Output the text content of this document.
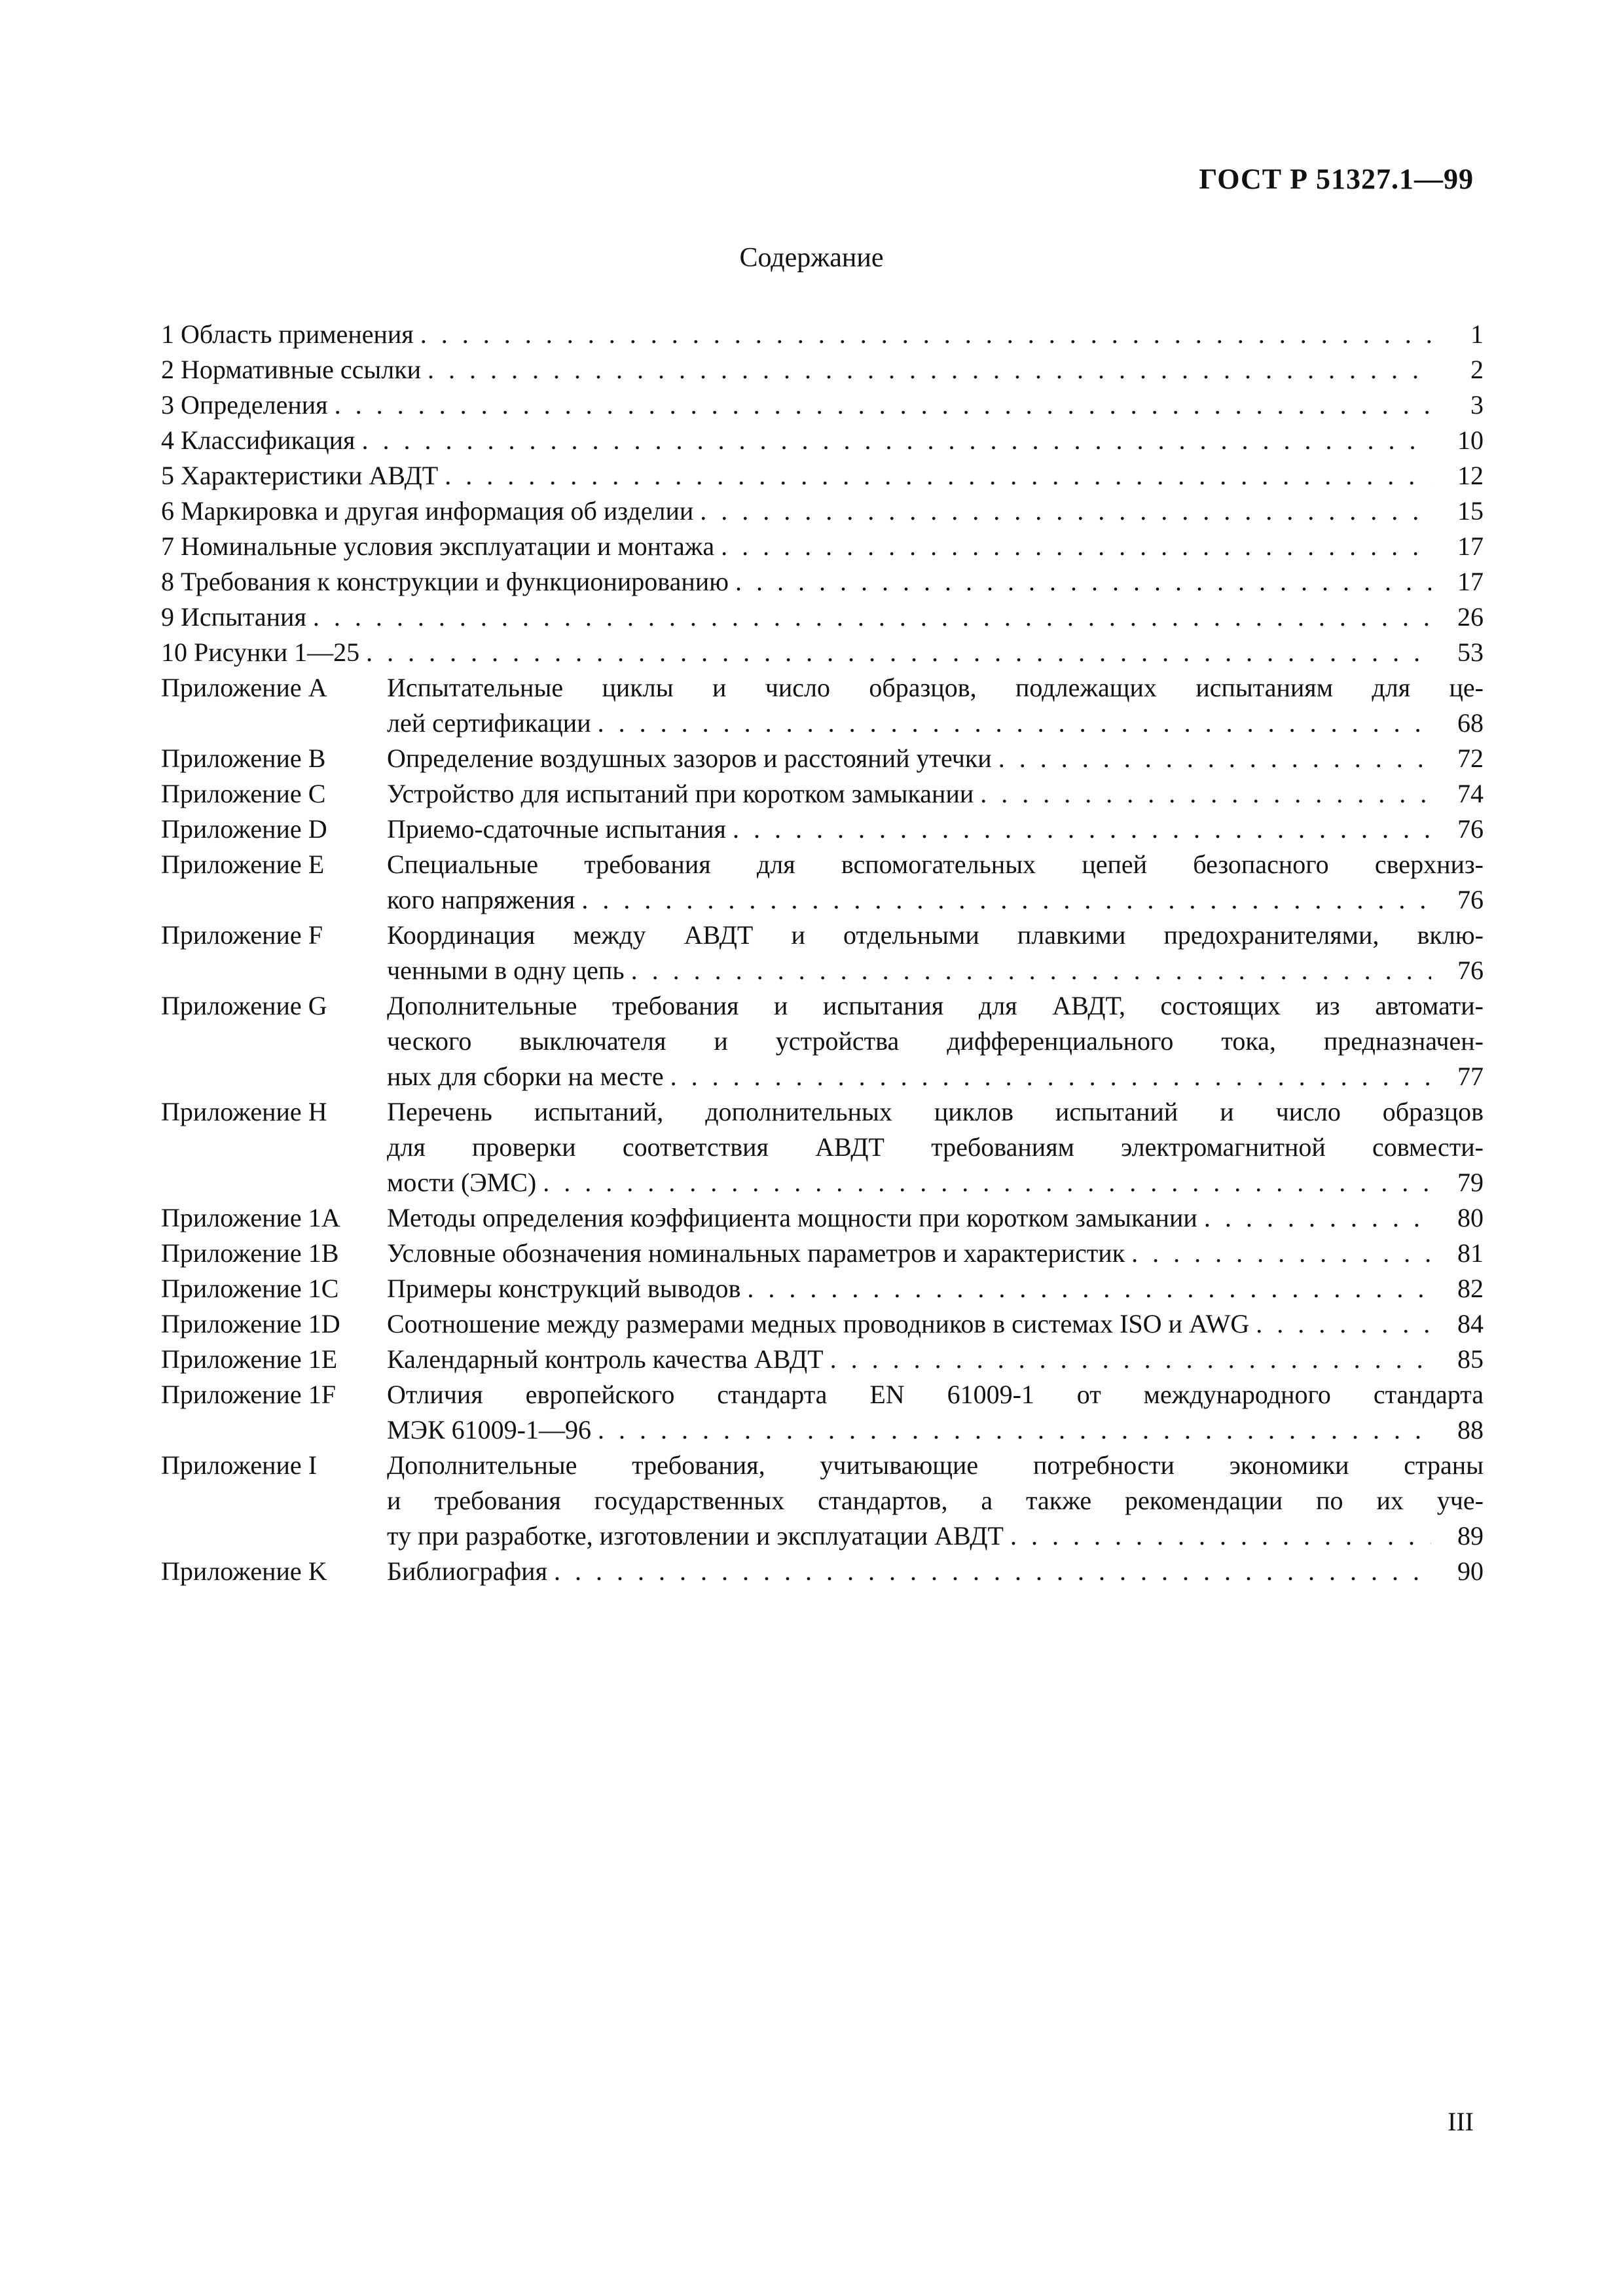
ГОСТ Р 51327.1—99
Содержание
1 Область применения . . .	1
2 Нормативные ссылки . . .	2
3 Определения . . .	3
4 Классификация . . .	10
5 Характеристики АВДТ . . .	12
6 Маркировка и другая информация об изделии . . .	15
7 Номинальные условия эксплуатации и монтажа . . .	17
8 Требования к конструкции и функционированию . . .	17
9 Испытания . . .	26
10 Рисунки 1—25 . . .	53
Приложение A	Испытательные циклы и число образцов, подлежащих испытаниям для це-
лей сертификации . . .	68
Приложение B	Определение воздушных зазоров и расстояний утечки . . .	72
Приложение C	Устройство для испытаний при коротком замыкании . . .	74
Приложение D	Приемо-сдаточные испытания . . .	76
Приложение E	Специальные требования для вспомогательных цепей безопасного сверхниз-
кого напряжения . . .	76
Приложение F	Координация между АВДТ и отдельными плавкими предохранителями, вклю-
ченными в одну цепь . . .	76
Приложение G	Дополнительные требования и испытания для АВДТ, состоящих из автомати-
ческого выключателя и устройства дифференциального тока, предназначен-
ных для сборки на месте . . .	77
Приложение H	Перечень испытаний, дополнительных циклов испытаний и число образцов
для проверки соответствия АВДТ требованиям электромагнитной совмести-
мости (ЭМС) . . .	79
Приложение 1A	Методы определения коэффициента мощности при коротком замыкании . . .	80
Приложение 1B	Условные обозначения номинальных параметров и характеристик . . .	81
Приложение 1C	Примеры конструкций выводов . . .	82
Приложение 1D	Соотношение между размерами медных проводников в системах ISO и AWG . . .	84
Приложение 1E	Календарный контроль качества АВДТ . . .	85
Приложение 1F	Отличия европейского стандарта EN 61009-1 от международного стандарта
МЭК 61009-1—96 . . .	88
Приложение I	Дополнительные требования, учитывающие потребности экономики страны
и требования государственных стандартов, а также рекомендации по их уче-
ту при разработке, изготовлении и эксплуатации АВДТ . . .	89
Приложение K	Библиография . . .	90
III
